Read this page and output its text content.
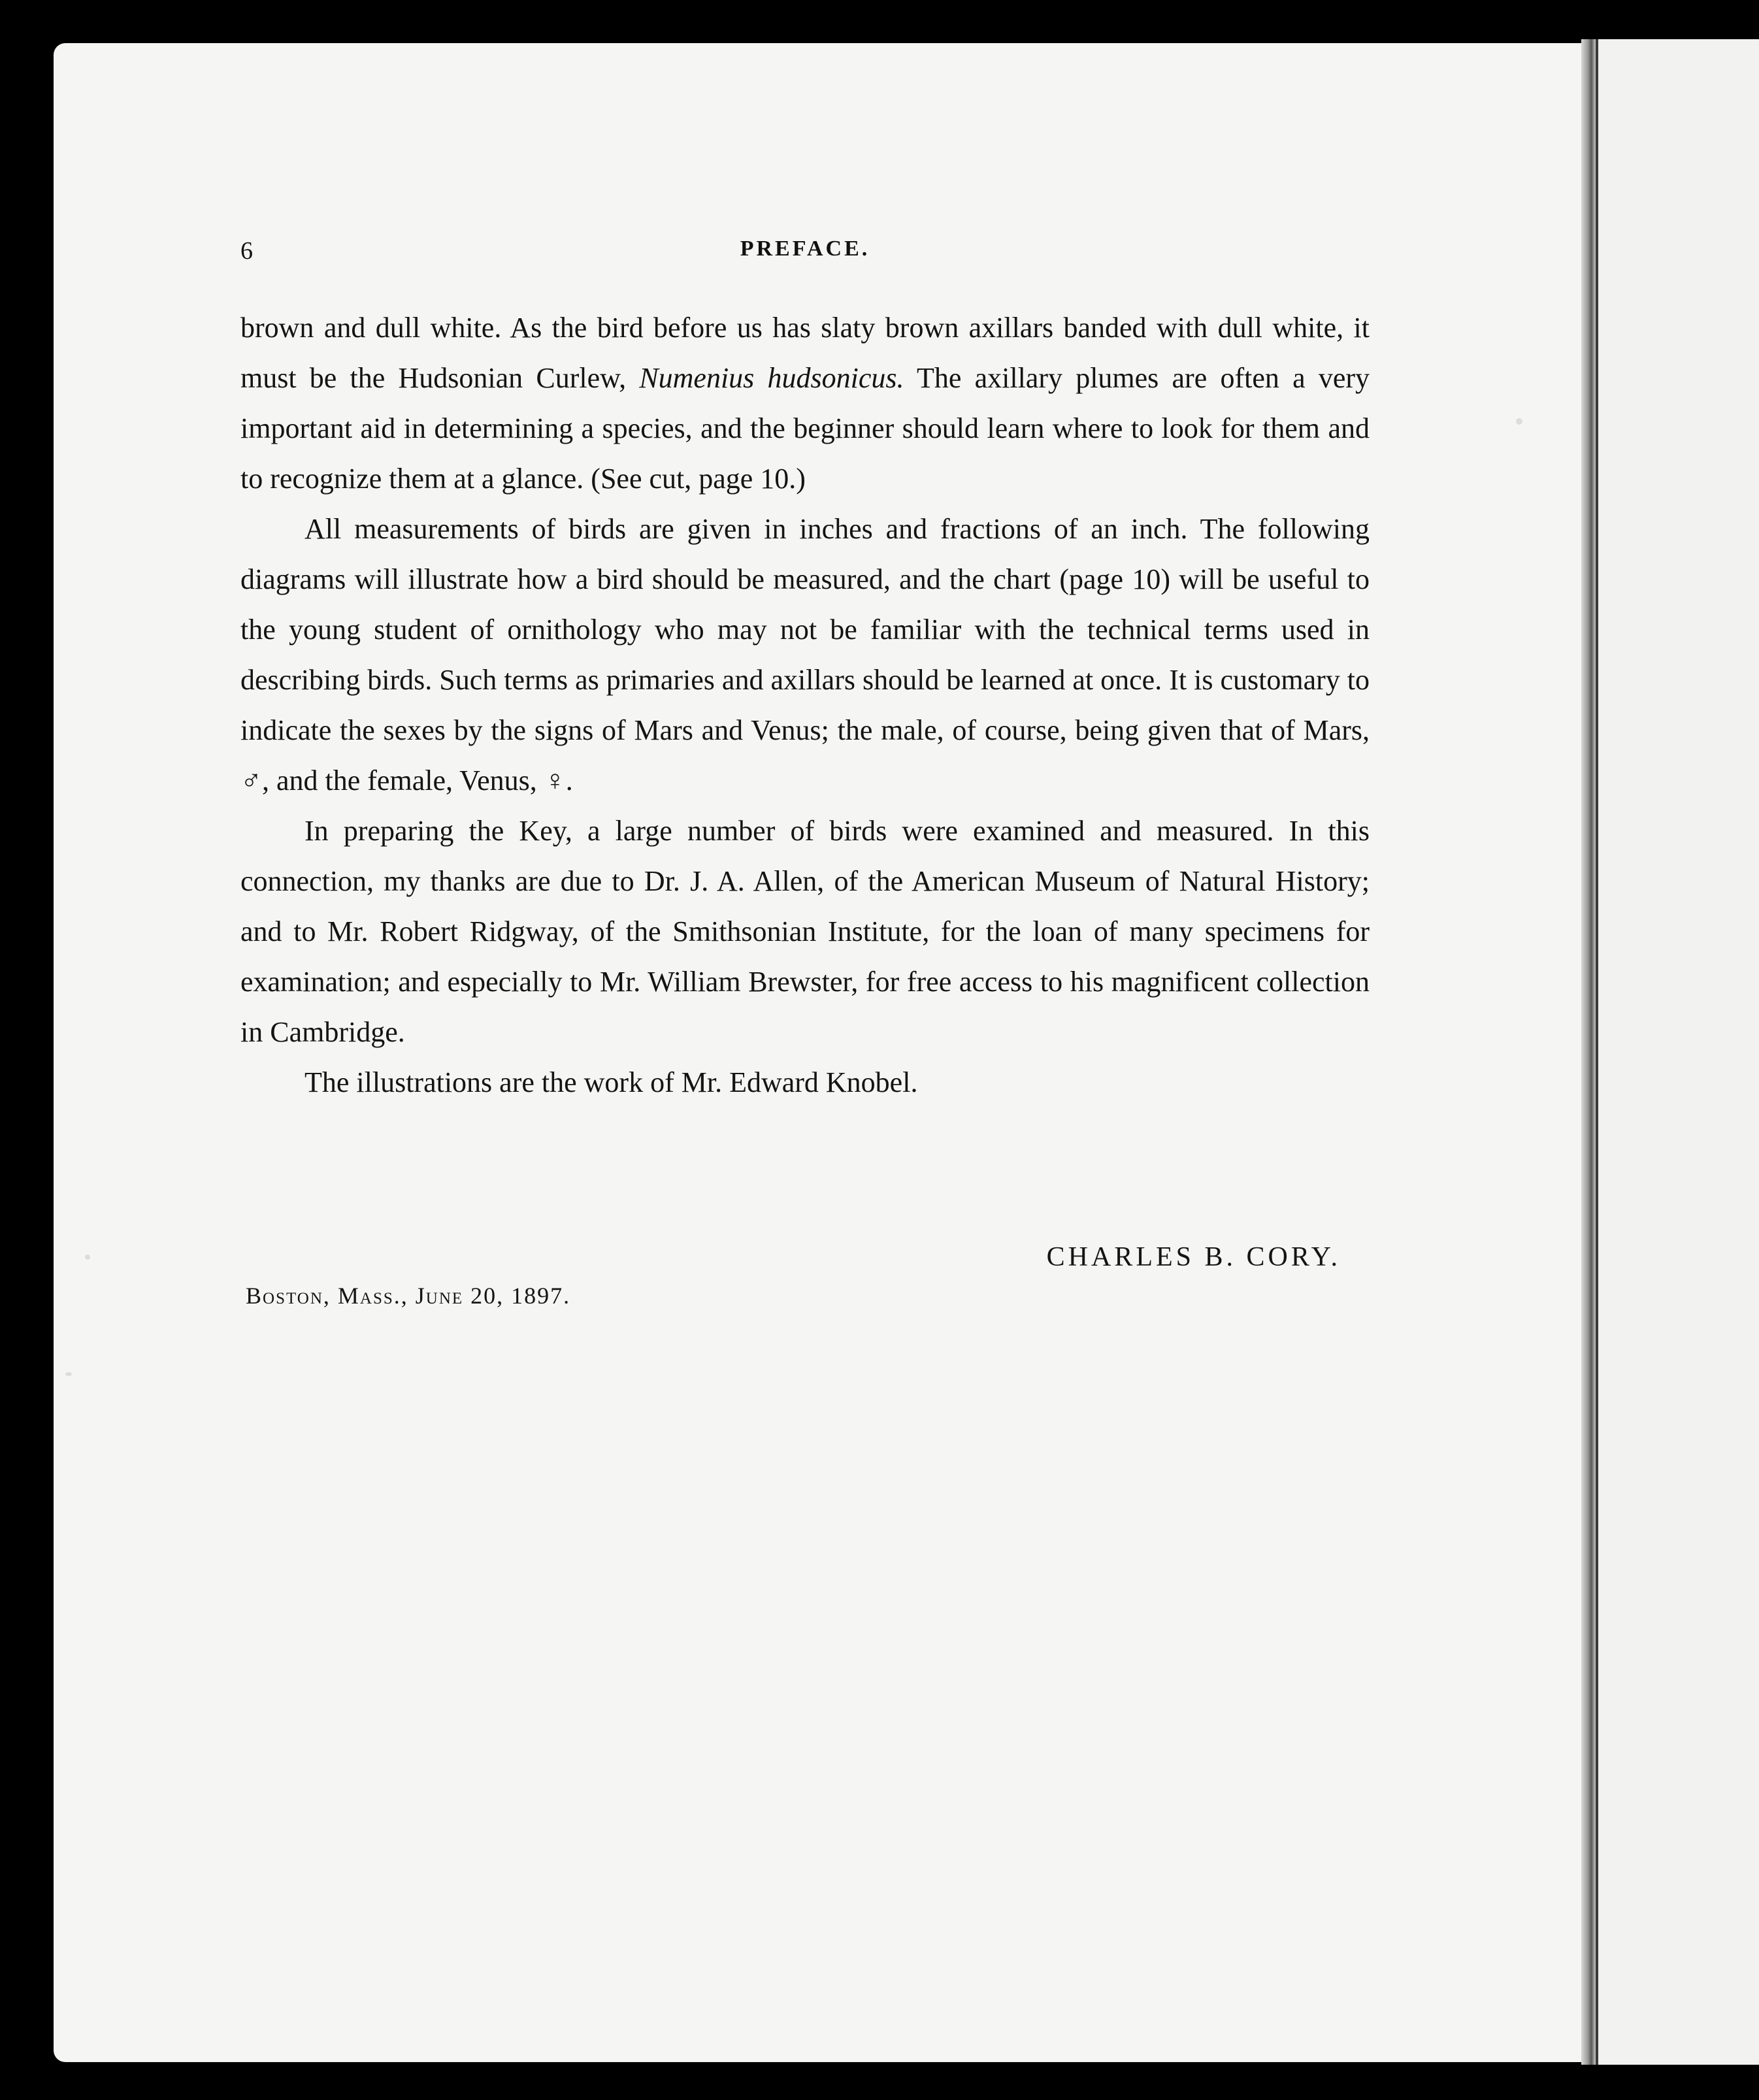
6	PREFACE.

brown and dull white. As the bird before us has slaty brown axillars banded with dull white, it must be the Hudsonian Curlew, Numenius hudsonicus. The axillary plumes are often a very important aid in determining a species, and the beginner should learn where to look for them and to recognize them at a glance. (See cut, page 10.)

All measurements of birds are given in inches and fractions of an inch. The following diagrams will illustrate how a bird should be measured, and the chart (page 10) will be useful to the young student of ornithology who may not be familiar with the technical terms used in describing birds. Such terms as primaries and axillars should be learned at once. It is customary to indicate the sexes by the signs of Mars and Venus; the male, of course, being given that of Mars, ♂, and the female, Venus, ♀.

In preparing the Key, a large number of birds were examined and measured. In this connection, my thanks are due to Dr. J. A. Allen, of the American Museum of Natural History; and to Mr. Robert Ridgway, of the Smithsonian Institute, for the loan of many specimens for examination; and especially to Mr. William Brewster, for free access to his magnificent collection in Cambridge.

The illustrations are the work of Mr. Edward Knobel.

CHARLES B. CORY.
Boston, Mass., June 20, 1897.
